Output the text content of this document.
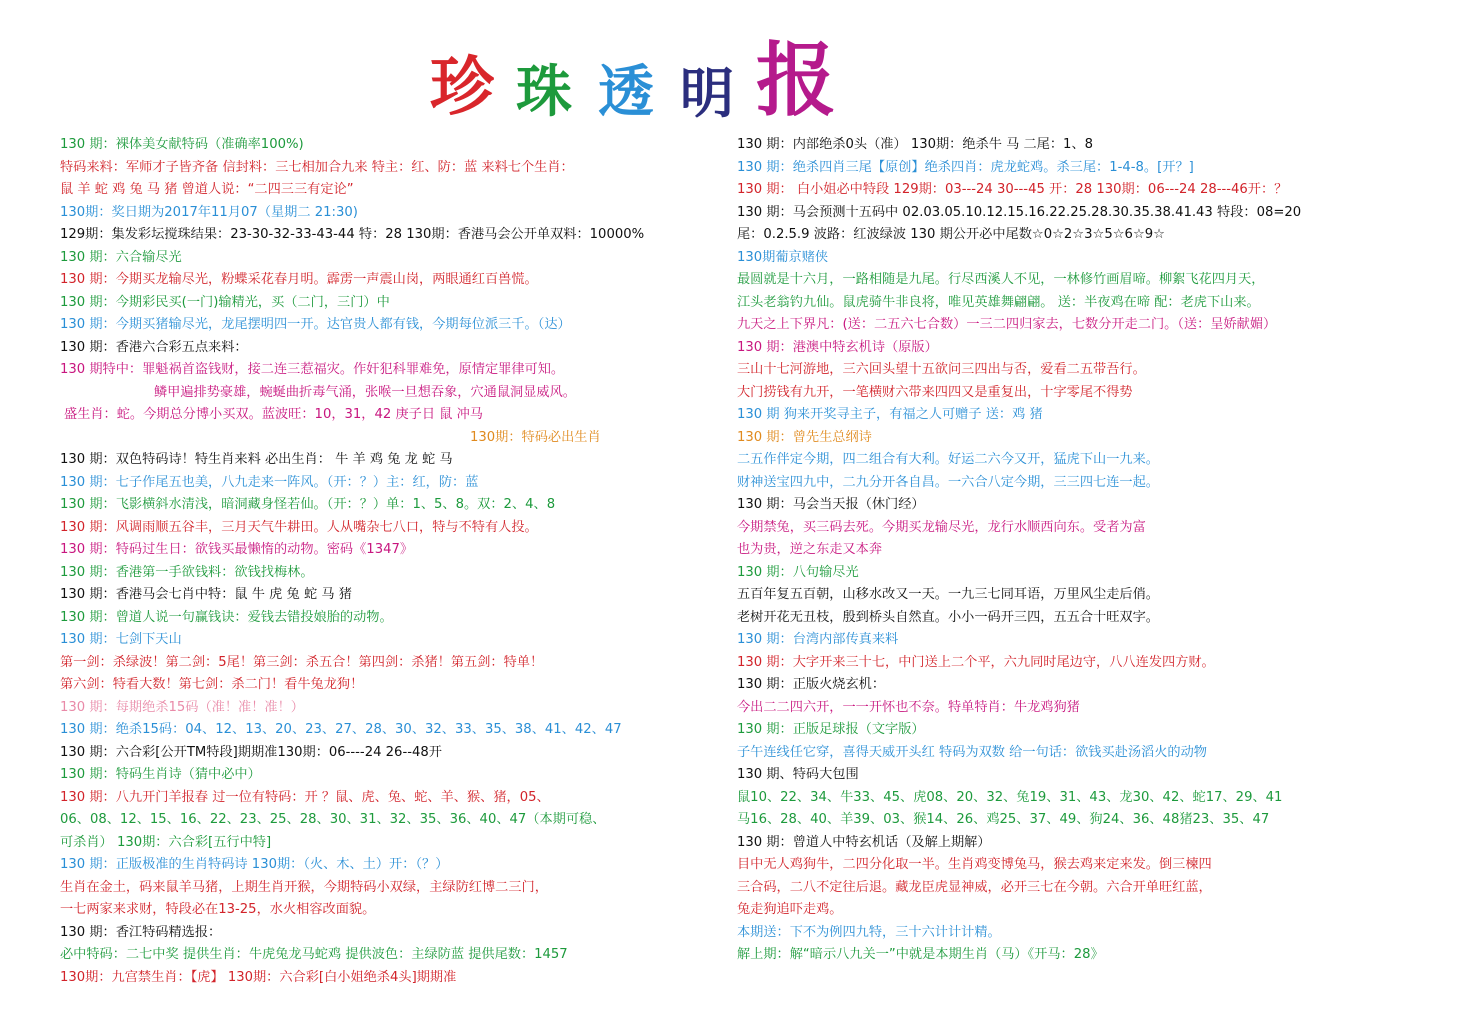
珍 珠 透 明 报
130 期：裸体美女献特码（准确率100%)
特码来料：军师才子皆齐备 信封料：三七相加合九来 特主：红、防：蓝 来料七个生肖：
鼠 羊 蛇 鸡 兔 马 猪 曾道人说：“二四三三有定论”
130期：奖日期为2017年11月07（星期二 21:30)
129期：集发彩坛搅珠结果：23-30-32-33-43-44 特：28 130期：香港马会公开单双料：10000%
130 期：六合输尽光
130 期：今期买龙输尽光，粉蝶采花春月明。霹雳一声震山岗，两眼通红百兽慌。
130 期：今期彩民买(一门)输精光，买（二门，三门）中
130 期：今期买猪输尽光，龙尾摆明四一开。达官贵人都有钱，今期每位派三千。（达）
130 期：香港六合彩五点来料：
130 期特中：罪魁祸首盗钱财，接二连三惹福灾。作奸犯科罪难免，原情定罪律可知。
鳞甲遍排势豪雄，蜿蜒曲折毒气涌，张喉一旦想吞象，穴通鼠洞显威风。
盛生肖：蛇。今期总分博小买双。蓝波旺：10，31，42 庚子日 鼠 冲马
130期：特码必出生肖
130 期：双色特码诗！特生肖来料 必出生肖： 牛 羊 鸡 兔 龙 蛇 马
130 期：七子作尾五也美，八九走来一阵风。（开：？）主：红，防：蓝
130 期：飞影横斜水清浅，暗洞藏身怪若仙。（开：？）单：1、5、8。双：2、4、8
130 期：风调雨顺五谷丰，三月天气牛耕田。人从嘴杂七八口，特与不特有人投。
130 期：特码过生日：欲钱买最懒惰的动物。密码《1347》
130 期：香港第一手欲钱料：欲钱找梅林。
130 期：香港马会七肖中特：鼠 牛 虎 兔 蛇 马 猪
130 期：曾道人说一句赢钱诀：爱钱去错投娘胎的动物。
130 期：七剑下天山
第一剑：杀绿波！第二剑：5尾！第三剑：杀五合！第四剑：杀猪！第五剑：特单！
第六剑：特看大数！第七剑：杀二门！看牛兔龙狗！
130 期：每期绝杀15码（准！准！准！）
130 期：绝杀15码：04、12、13、20、23、27、28、30、32、33、35、38、41、42、47
130 期：六合彩[公开TM特段]期期准130期：06----24 26--48开
130 期：特码生肖诗（猜中必中）
130 期：八九开门羊报春 过一位有特码：开 ？鼠、虎、兔、蛇、羊、猴、猪，05、
06、08、12、15、16、22、23、25、28、30、31、32、35、36、40、47（本期可稳、
可杀肖） 130期：六合彩[五行中特]
130 期：正版极准的生肖特码诗 130期：（火、木、土）开：（？）
生肖在金土，码来鼠羊马猪，上期生肖开猴，今期特码小双绿，主绿防红博二三门，
一七两家来求财，特段必在13-25，水火相容改面貌。
130 期：香江特码精选报：
必中特码：二七中奖 提供生肖：牛虎兔龙马蛇鸡 提供波色：主绿防蓝 提供尾数：1457
130期：九宫禁生肖：【虎】 130期：六合彩[白小姐绝杀4头]期期准
130 期：内部绝杀0头（准） 130期：绝杀牛 马 二尾：1、8
130 期：绝杀四肖三尾【原创】绝杀四肖：虎龙蛇鸡。杀三尾：1-4-8。[开？]
130 期： 白小姐必中特段 129期：03---24 30---45 开：28 130期：06---24 28---46开：？
130 期：马会预测十五码中 02.03.05.10.12.15.16.22.25.28.30.35.38.41.43 特段：08=20
尾：0.2.5.9 波路：红波绿波 130 期公开必中尾数☆0☆2☆3☆5☆6☆9☆
130期葡京赌侠
最圆就是十六月，一路相随是九尾。行尽西溪人不见，一林修竹画眉啼。柳絮飞花四月天，
江头老翁钓九仙。鼠虎骑牛非良将，唯见英雄舞翩翩。 送：半夜鸡在啼 配：老虎下山来。
九天之上下界凡：(送：二五六七合数）一三二四归家去，七数分开走二门。（送：呈娇献媚）
130 期：港澳中特玄机诗（原版）
三山十七河游地，三六回头望十五欲问三四出与否，爱看二五带吾行。
大门捞钱有九开，一笔横财六带来四四又是重复出，十字零尾不得势
130 期 狗来开奖寻主子，有福之人可赠子 送：鸡 猪
130 期：曾先生总纲诗
二五作伴定今期，四二组合有大利。好运二六今又开，猛虎下山一九来。
财神送宝四九中，二九分开各自昌。一六合八定今期，三三四七连一起。
130 期：马会当天报（休门经）
今期禁兔，买三码去死。今期买龙输尽光，龙行水顺西向东。受者为富
也为贵，逆之东走又本奔
130 期：八句输尽光
五百年复五百朝，山移水改又一天。一九三七同耳语，万里风尘走后俏。
老树开花无丑枝，殷到桥头自然直。小小一码开三四，五五合十旺双字。
130 期：台湾内部传真来料
130 期：大字开来三十七，中门送上二个平，六九同时尾边守，八八连发四方财。
130 期：正版火烧玄机：
今出二二四六开，一一开怀也不奈。特单特肖：牛龙鸡狗猪
130 期：正版足球报（文字版）
子午连线任它穿，喜得天威开头红 特码为双数 给一句话：欲钱买赴汤滔火的动物
130 期、特码大包围
鼠10、22、34、牛33、45、虎08、20、32、兔19、31、43、龙30、42、蛇17、29、41
马16、28、40、羊39、03、猴14、26、鸡25、37、49、狗24、36、48猪23、35、47
130 期：曾道人中特玄机话（及解上期解）
目中无人鸡狗牛，二四分化取一半。生肖鸡变博兔马，猴去鸡来定来发。倒三楝四
三合码，二八不定往后退。藏龙臣虎显神威，必开三七在今朝。六合开单旺红蓝，
兔走狗追吓走鸡。
本期送：下不为例四九特，三十六计计计精。
解上期：解“暗示八九关一”中就是本期生肖（马）《开马：28》
